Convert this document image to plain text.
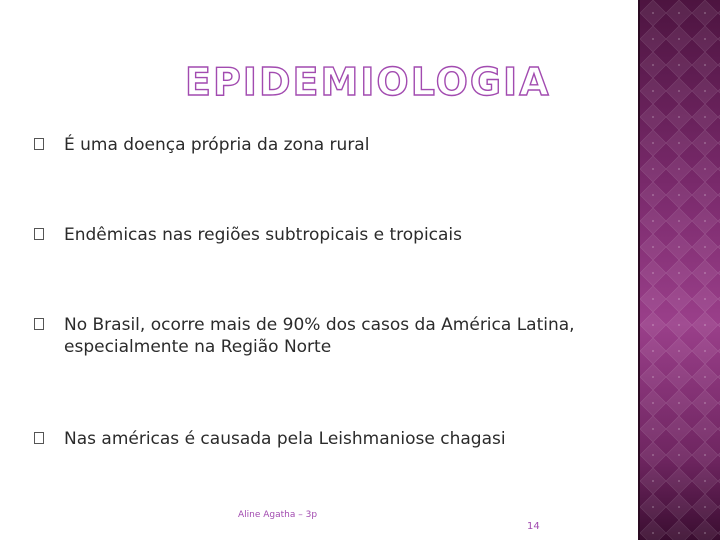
EPIDEMIOLOGIA
É uma doença própria da zona rural
Endêmicas nas regiões subtropicais e tropicais
No Brasil, ocorre mais de 90% dos casos da América Latina, especialmente na Região Norte
Nas américas é causada pela Leishmaniose chagasi
Aline Agatha – 3p
14
